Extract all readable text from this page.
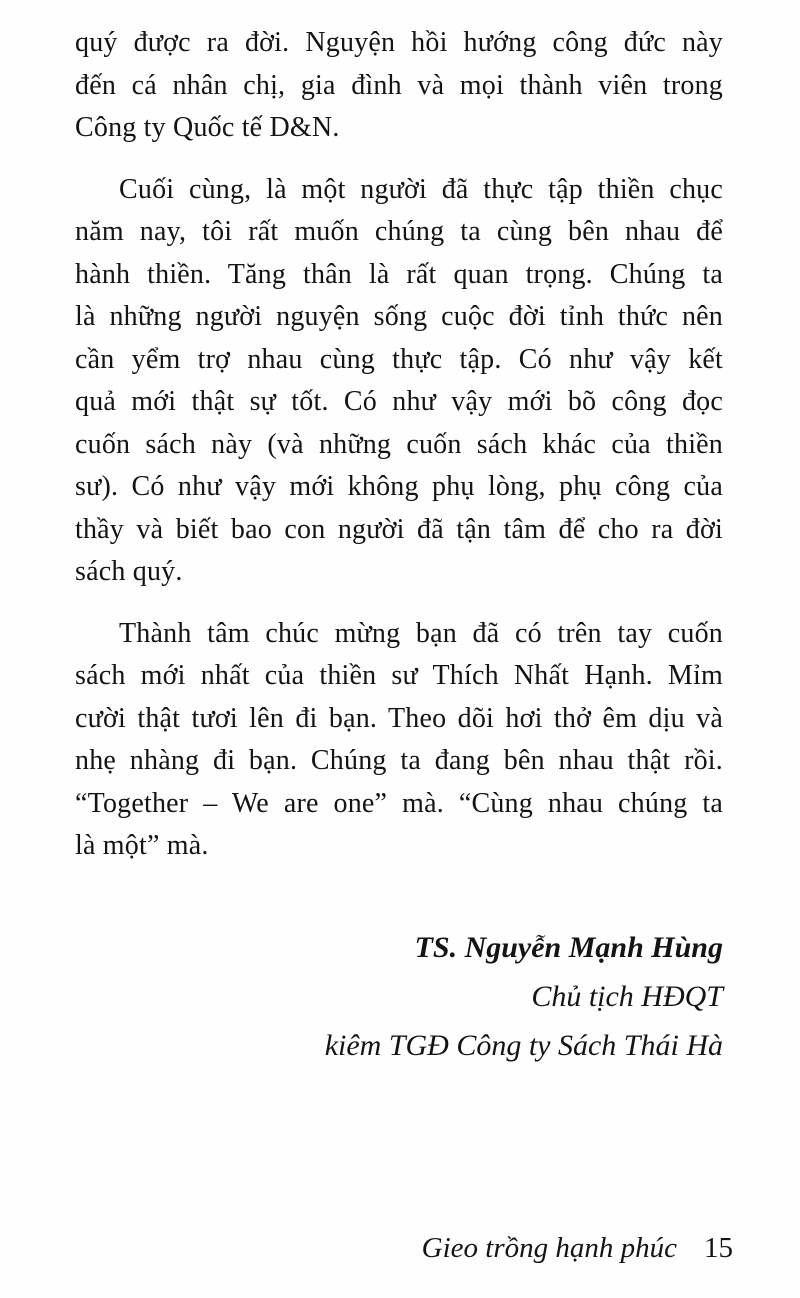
quý được ra đời. Nguyện hồi hướng công đức này
đến cá nhân chị, gia đình và mọi thành viên trong
Công ty Quốc tế D&N.
Cuối cùng, là một người đã thực tập thiền chục
năm nay, tôi rất muốn chúng ta cùng bên nhau để
hành thiền. Tăng thân là rất quan trọng. Chúng ta
là những người nguyện sống cuộc đời tỉnh thức nên
cần yểm trợ nhau cùng thực tập. Có như vậy kết
quả mới thật sự tốt. Có như vậy mới bõ công đọc
cuốn sách này (và những cuốn sách khác của thiền
sư). Có như vậy mới không phụ lòng, phụ công của
thầy và biết bao con người đã tận tâm để cho ra đời
sách quý.
Thành tâm chúc mừng bạn đã có trên tay cuốn
sách mới nhất của thiền sư Thích Nhất Hạnh. Mỉm
cười thật tươi lên đi bạn. Theo dõi hơi thở êm dịu và
nhẹ nhàng đi bạn. Chúng ta đang bên nhau thật rồi.
“Together – We are one” mà. “Cùng nhau chúng ta
là một” mà.
TS. Nguyễn Mạnh Hùng
Chủ tịch HĐQT
kiêm TGĐ Công ty Sách Thái Hà
Gieo trồng hạnh phúc 15
